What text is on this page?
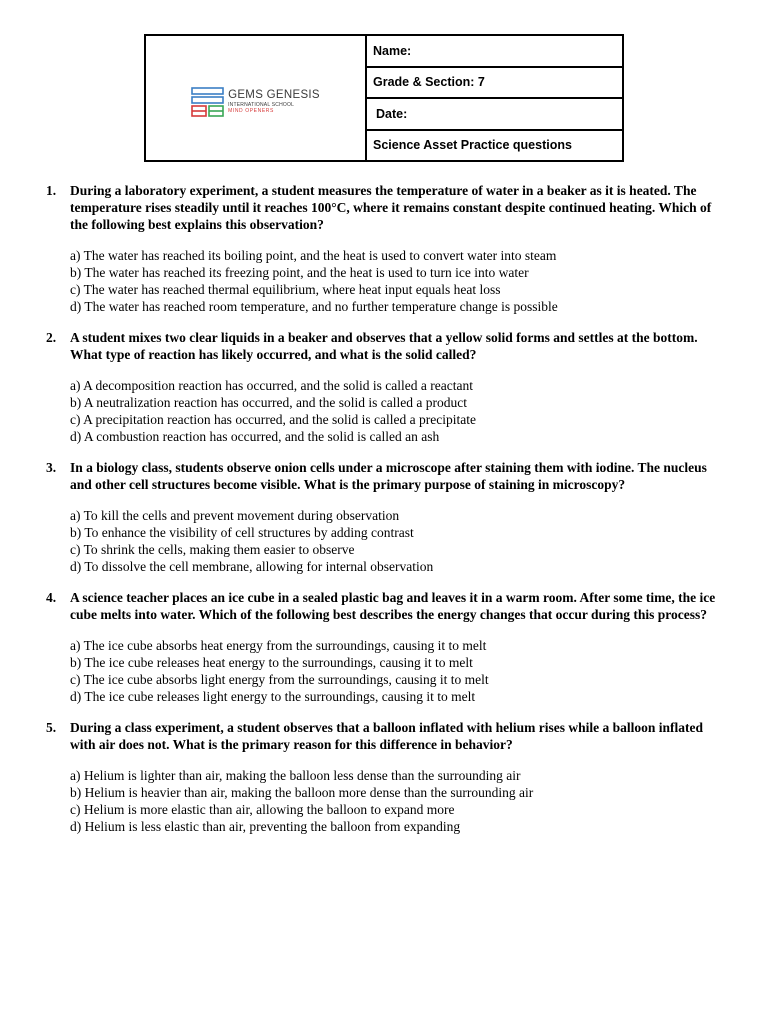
GEMS GENESIS
INTERNATIONAL SCHOOL
MIND OPENERS
Name:
Grade & Section: 7
Date:
Science Asset Practice questions
1.	During a laboratory experiment, a student measures the temperature of water in a beaker as it is heated. The temperature rises steadily until it reaches 100°C, where it remains constant despite continued heating. Which of the following best explains this observation?
a) The water has reached its boiling point, and the heat is used to convert water into steam
b) The water has reached its freezing point, and the heat is used to turn ice into water
c) The water has reached thermal equilibrium, where heat input equals heat loss
d) The water has reached room temperature, and no further temperature change is possible
2.	A student mixes two clear liquids in a beaker and observes that a yellow solid forms and settles at the bottom. What type of reaction has likely occurred, and what is the solid called?
a) A decomposition reaction has occurred, and the solid is called a reactant
b) A neutralization reaction has occurred, and the solid is called a product
c) A precipitation reaction has occurred, and the solid is called a precipitate
d) A combustion reaction has occurred, and the solid is called an ash
3.	In a biology class, students observe onion cells under a microscope after staining them with iodine. The nucleus and other cell structures become visible. What is the primary purpose of staining in microscopy?
a) To kill the cells and prevent movement during observation
b) To enhance the visibility of cell structures by adding contrast
c) To shrink the cells, making them easier to observe
d) To dissolve the cell membrane, allowing for internal observation
4.	A science teacher places an ice cube in a sealed plastic bag and leaves it in a warm room. After some time, the ice cube melts into water. Which of the following best describes the energy changes that occur during this process?
a) The ice cube absorbs heat energy from the surroundings, causing it to melt
b) The ice cube releases heat energy to the surroundings, causing it to melt
c) The ice cube absorbs light energy from the surroundings, causing it to melt
d) The ice cube releases light energy to the surroundings, causing it to melt
5.	During a class experiment, a student observes that a balloon inflated with helium rises while a balloon inflated with air does not. What is the primary reason for this difference in behavior?
a) Helium is lighter than air, making the balloon less dense than the surrounding air
b) Helium is heavier than air, making the balloon more dense than the surrounding air
c) Helium is more elastic than air, allowing the balloon to expand more
d) Helium is less elastic than air, preventing the balloon from expanding
